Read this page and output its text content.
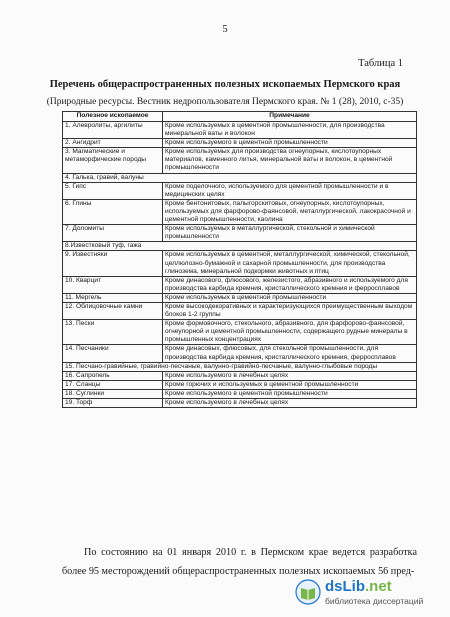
5
Таблица 1
Перечень общераспространенных полезных ископаемых Пермского края
(Природные ресурсы. Вестник недропользователя Пермского края. № 1 (28), 2010, с-35)
Полезное ископаемое	Примечание
1. Алевролиты, аргилиты	Кроме используемых в цементной промышленности, для производства минеральной ваты и волокон
2. Ангидрит	Кроме используемого в цементной промышленности
3. Магматические и метаморфические породы	Кроме используемых для производства огнеупорных, кислотоупорных материалов, каменного литья, минеральной ваты и волокон, в цементной промышленности
4. Галька, гравий, валуны	
5. Гипс	Кроме поделочного, используемого для цементной промышленности и в медицинских целях
6. Глины	Кроме бентонитовых, палыгорскитовых, огнеупорных, кислотоупорных, используемых для фарфорово-фаянсовой, металлургической, лакокрасочной и цементной промышленности, каолина
7. Доломиты	Кроме используемых в металлургической, стекольной и химической промышленности
8.Известковый туф, гажа	
9. Известняки	Кроме используемых в цементной, металлургической, химической, стекольной, целлюлозно-бумажной и сахарной промышленности, для производства глинозема, минеральной подкормки животных и птиц
10. Кварцит	Кроме динасового, флюсового, железистого, абразивного и используемого для производства карбида кремния, кристаллического кремния и ферросплавов
11. Мергель	Кроме используемых в цементной промышленности
12. Облицовочные камни	Кроме высокодекоративных и характеризующихся преимущественным выходом блоков 1-2 группы
13. Пески	Кроме формовочного, стекольного, абразивного, для фарфорово-фаянсовой, огнеупорной и цементной промышленности, содержащего рудные минералы в промышленных концентрациях
14. Песчаники	Кроме динасовых, флюсовых, для стекольной промышленности, для производства карбида кремния, кристаллического кремния, ферросплавов
15. Песчано-гравийные, гравийно-песчаные, валунно-гравийно-песчаные, валунно-глыбовые породы	
16. Сапропель	Кроме используемого в лечебных целях
17. Сланцы	Кроме горючих и используемых в цементной промышленности
18. Суглинки	Кроме используемого в цементной промышленности
19. Торф	Кроме используемого в лечебных целях
По состоянию на 01 января 2010 г. в Пермском крае ведется разработка более 95 месторождений общераспространенных полезных ископаемых 56 пред-
dsLib.net
библиотека диссертаций
